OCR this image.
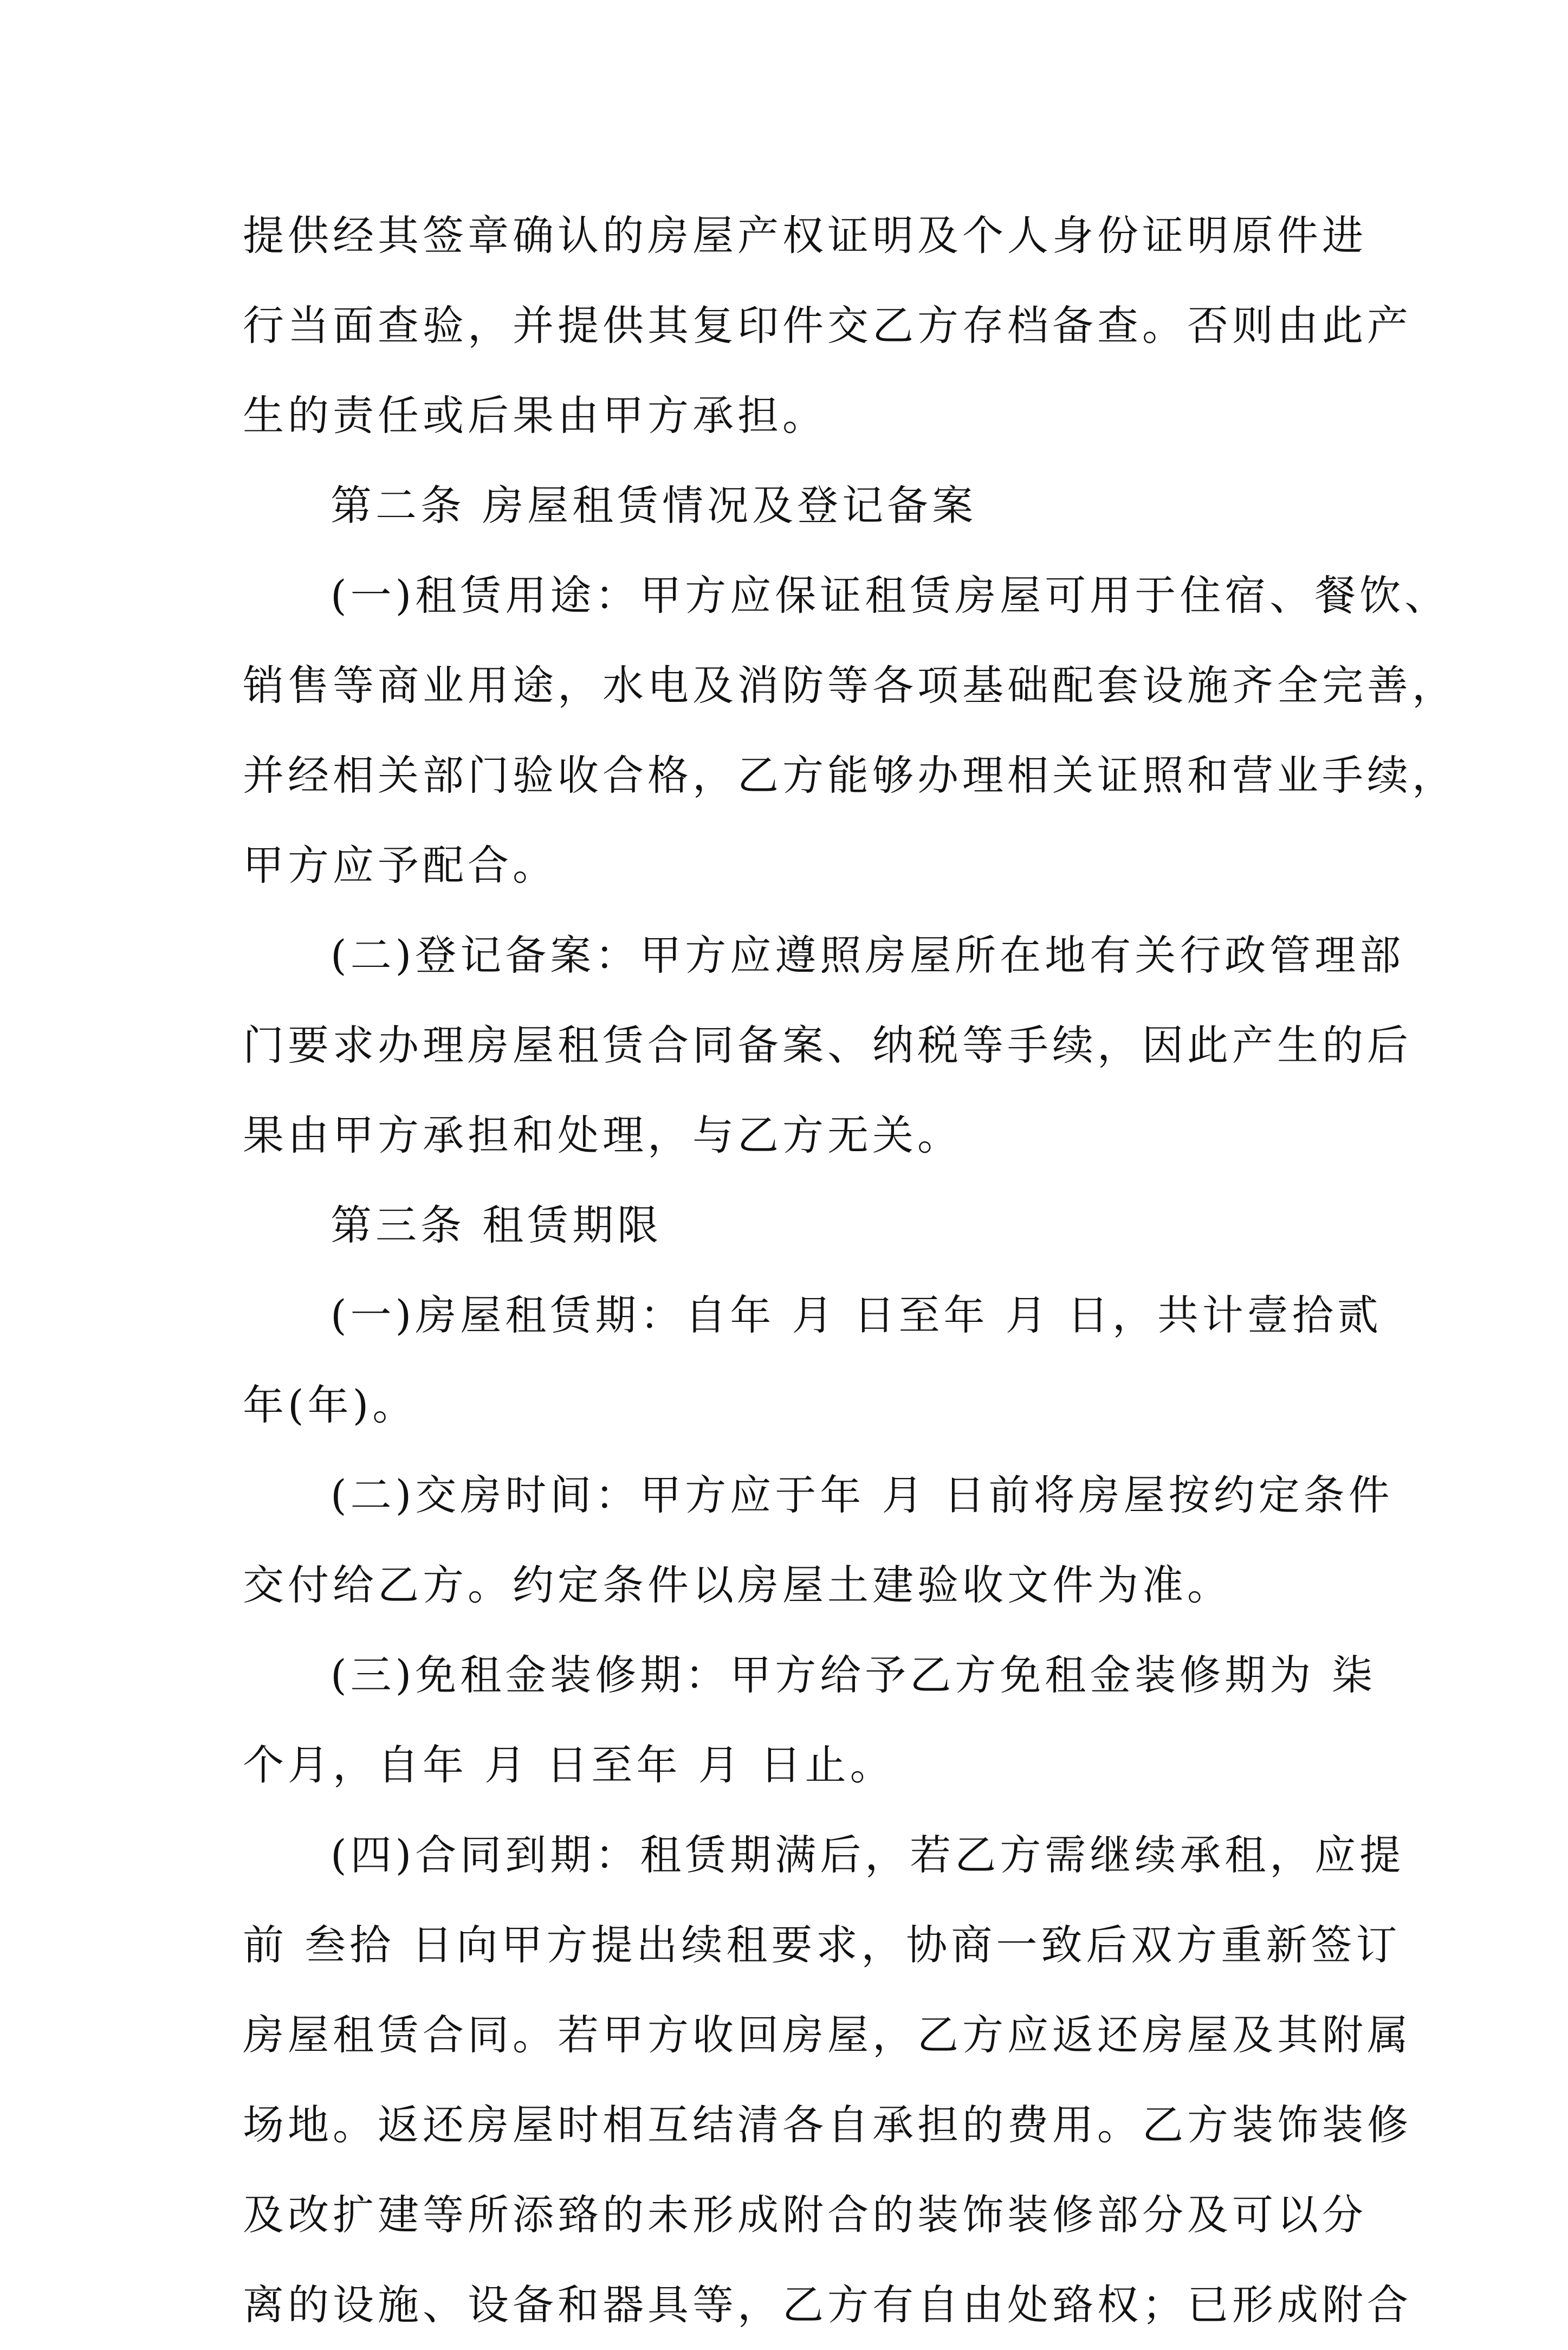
提供经其签章确认的房屋产权证明及个人身份证明原件进
行当面查验，并提供其复印件交乙方存档备查。否则由此产
生的责任或后果由甲方承担。
第二条 房屋租赁情况及登记备案
(一)租赁用途：甲方应保证租赁房屋可用于住宿、餐饮、
销售等商业用途，水电及消防等各项基础配套设施齐全完善，
并经相关部门验收合格，乙方能够办理相关证照和营业手续，
甲方应予配合。
(二)登记备案：甲方应遵照房屋所在地有关行政管理部
门要求办理房屋租赁合同备案、纳税等手续，因此产生的后
果由甲方承担和处理，与乙方无关。
第三条 租赁期限
(一)房屋租赁期：自年 月 日至年 月 日，共计壹拾贰
年(年)。
(二)交房时间：甲方应于年 月 日前将房屋按约定条件
交付给乙方。约定条件以房屋土建验收文件为准。
(三)免租金装修期：甲方给予乙方免租金装修期为 柒
个月，自年 月 日至年 月 日止。
(四)合同到期：租赁期满后，若乙方需继续承租，应提
前 叁拾 日向甲方提出续租要求，协商一致后双方重新签订
房屋租赁合同。若甲方收回房屋，乙方应返还房屋及其附属
场地。返还房屋时相互结清各自承担的费用。乙方装饰装修
及改扩建等所添臵的未形成附合的装饰装修部分及可以分
离的设施、设备和器具等，乙方有自由处臵权；已形成附合
